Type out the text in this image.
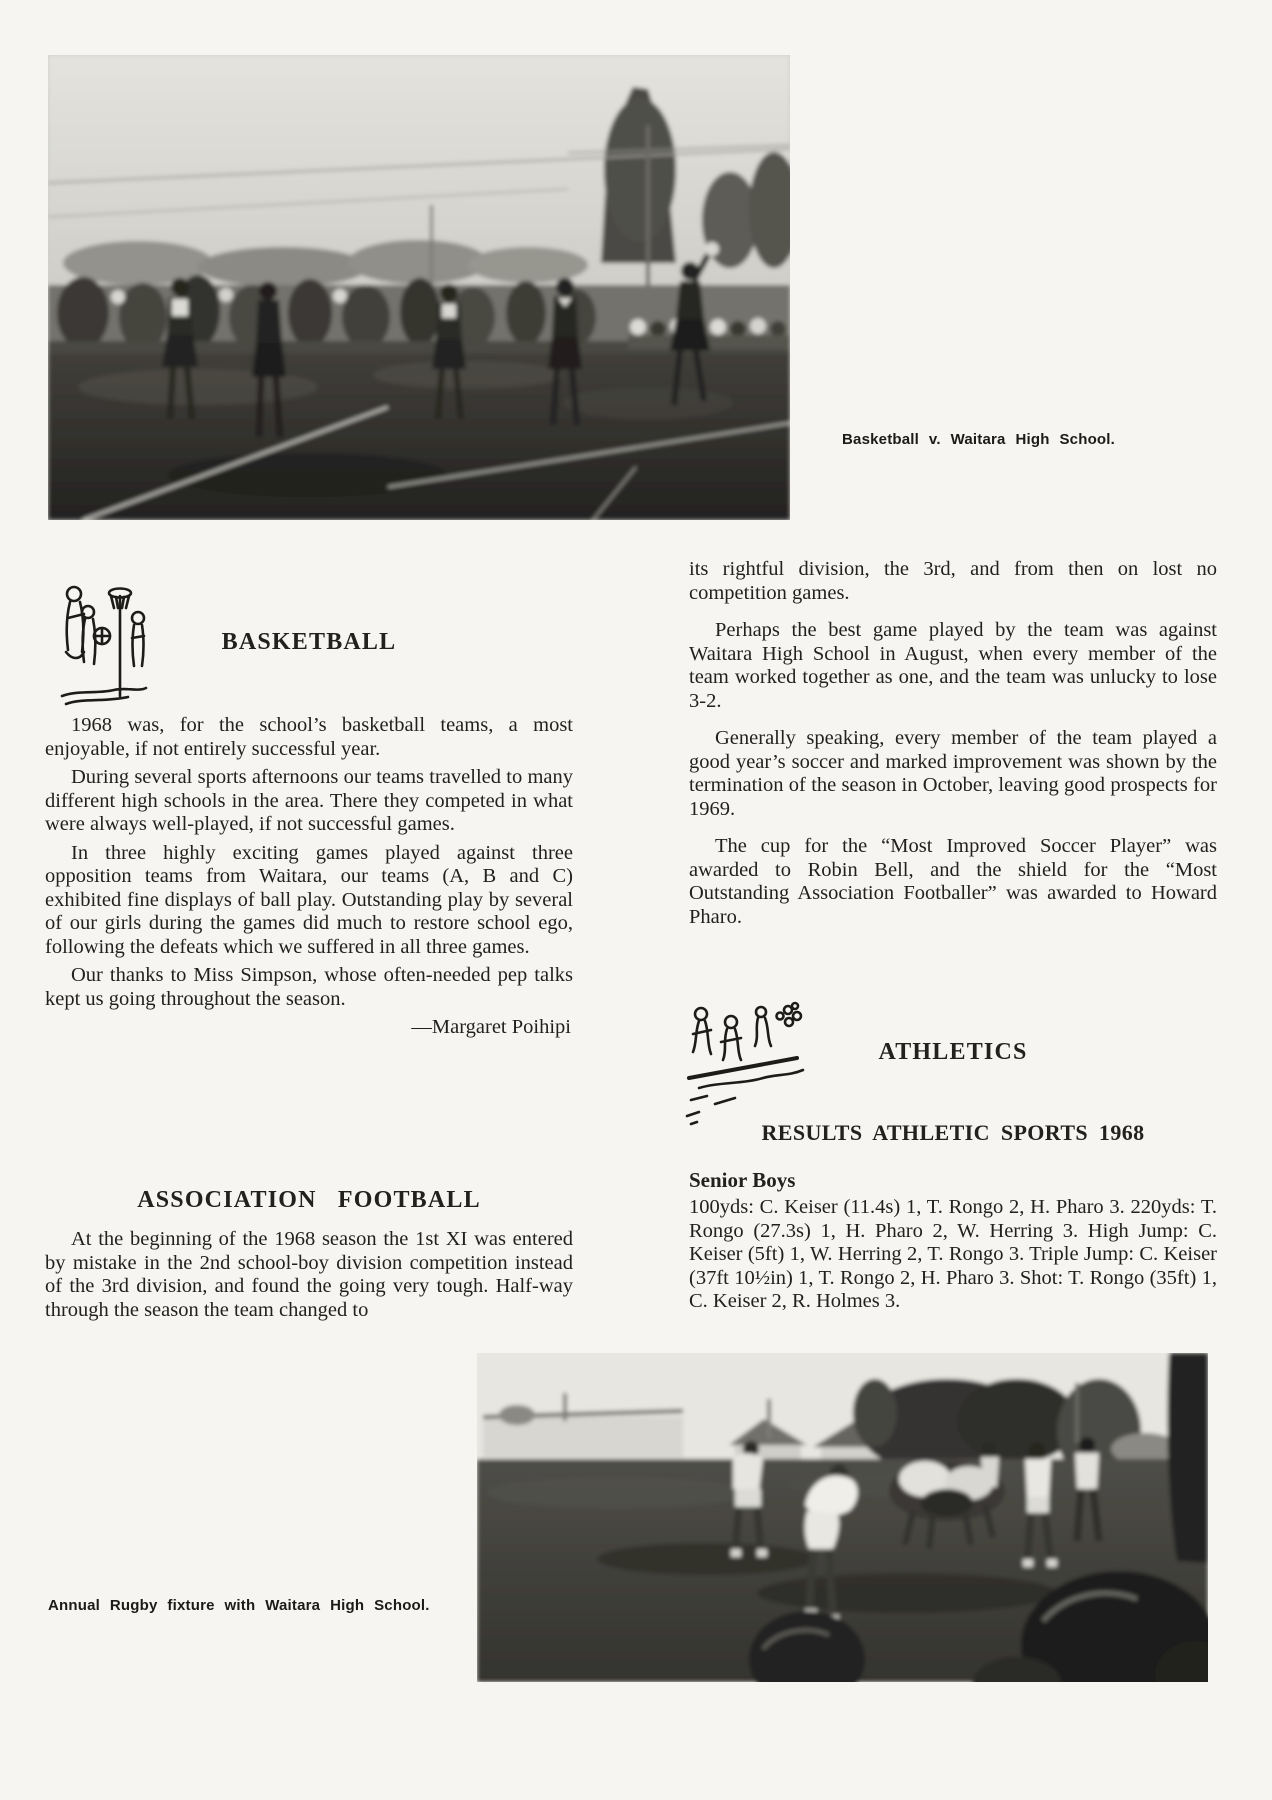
Basketball v. Waitara High School.
BASKETBALL

1968 was, for the school’s basketball teams, a most enjoyable, if not entirely successful year.

During several sports afternoons our teams travelled to many different high schools in the area. There they competed in what were always well-played, if not successful games.

In three highly exciting games played against three opposition teams from Waitara, our teams (A, B and C) exhibited fine displays of ball play. Outstanding play by several of our girls during the games did much to restore school ego, following the defeats which we suffered in all three games.

Our thanks to Miss Simpson, whose often-needed pep talks kept us going throughout the season.

—Margaret Poihipi

ASSOCIATION FOOTBALL

At the beginning of the 1968 season the 1st XI was entered by mistake in the 2nd school-boy division competition instead of the 3rd division, and found the going very tough. Half-way through the season the team changed to

its rightful division, the 3rd, and from then on lost no competition games.

Perhaps the best game played by the team was against Waitara High School in August, when every member of the team worked together as one, and the team was unlucky to lose 3-2.

Generally speaking, every member of the team played a good year’s soccer and marked improvement was shown by the termination of the season in October, leaving good prospects for 1969.

The cup for the “Most Improved Soccer Player” was awarded to Robin Bell, and the shield for the “Most Outstanding Association Footballer” was awarded to Howard Pharo.

ATHLETICS
RESULTS ATHLETIC SPORTS 1968
Senior Boys

100yds: C. Keiser (11.4s) 1, T. Rongo 2, H. Pharo 3. 220yds: T. Rongo (27.3s) 1, H. Pharo 2, W. Herring 3. High Jump: C. Keiser (5ft) 1, W. Herring 2, T. Rongo 3. Triple Jump: C. Keiser (37ft 10½in) 1, T. Rongo 2, H. Pharo 3. Shot: T. Rongo (35ft) 1, C. Keiser 2, R. Holmes 3.

Annual Rugby fixture with Waitara High School.
